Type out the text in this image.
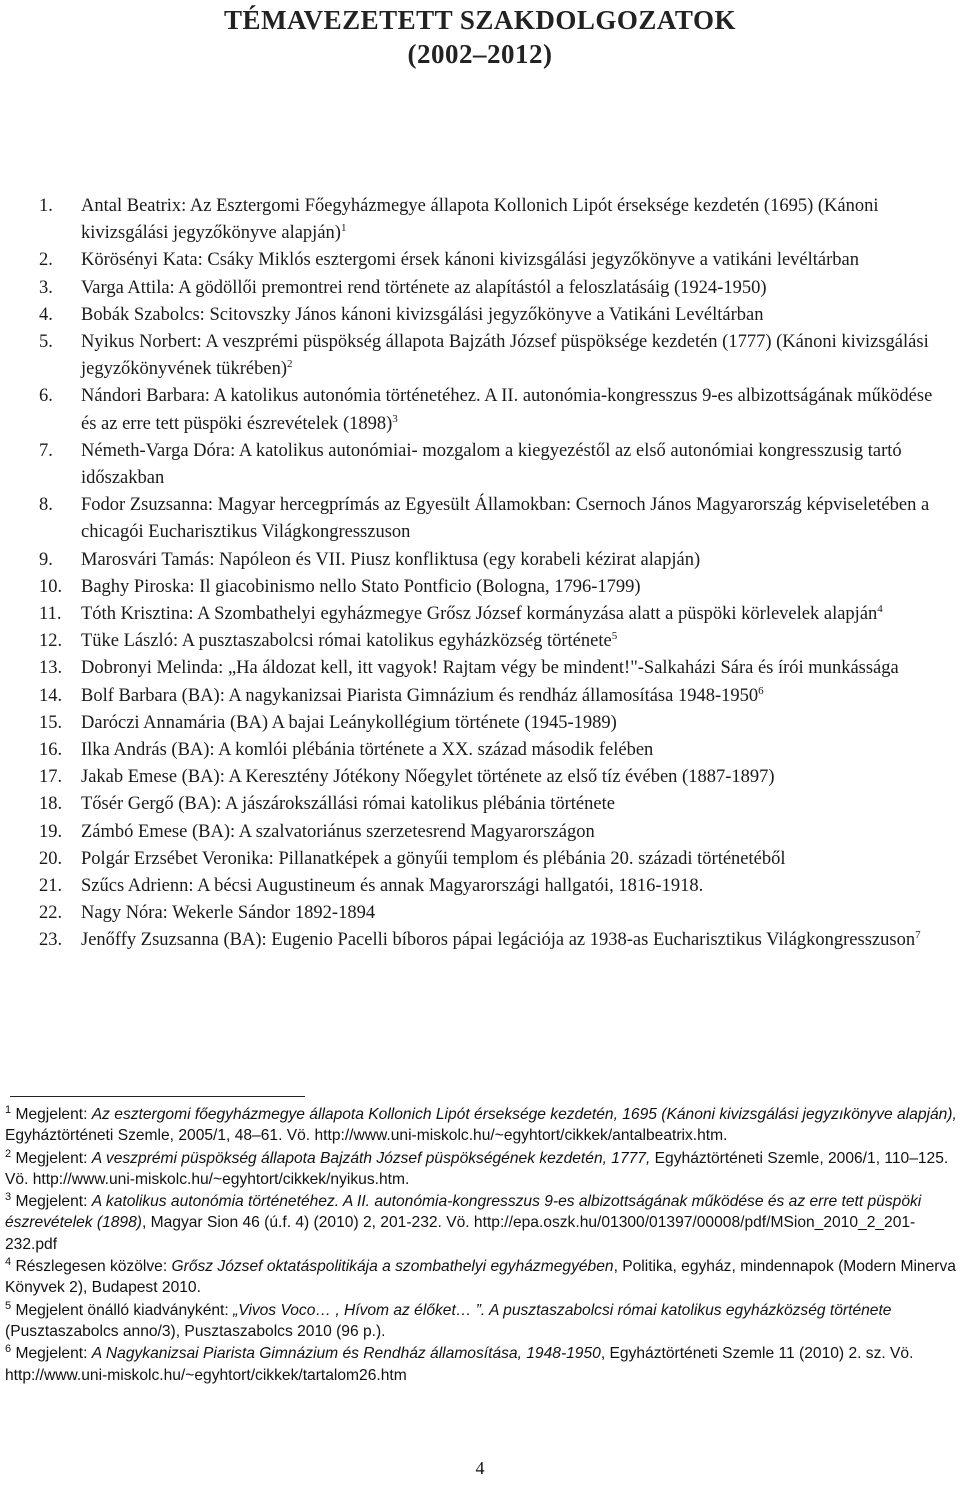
TÉMAVEZETETT SZAKDOLGOZATOK
(2002–2012)
1.	Antal Beatrix: Az Esztergomi Főegyházmegye állapota Kollonich Lipót érseksége kezdetén (1695) (Kánoni kivizsgálási jegyzőkönyve alapján)$^1$
2.	Körösényi Kata: Csáky Miklós esztergomi érsek kánoni kivizsgálási jegyzőkönyve a vatikáni levéltárban
3.	Varga Attila: A gödöllői premontrei rend története az alapítástól a feloszlatásáig (1924-1950)
4.	Bobák Szabolcs: Scitovszky János kánoni kivizsgálási jegyzőkönyve a Vatikáni Levéltárban
5.	Nyikus Norbert: A veszprémi püspökség állapota Bajzáth József püspöksége kezdetén (1777) (Kánoni kivizsgálási jegyzőkönyvének tükrében)$^2$
6.	Nándori Barbara: A katolikus autonómia történetéhez. A II. autonómia-kongresszus 9-es albizottságának működése és az erre tett püspöki észrevételek $(1898)^3$
7.	Németh-Varga Dóra: A katolikus autonómiai- mozgalom a kiegyezéstől az első autonómiai kongresszusig tartó időszakban
8.	Fodor Zsuzsanna: Magyar hercegprímás az Egyesült Államokban: Csernoch János Magyarország képviseletében a chicagói Eucharisztikus Világkongresszuson
9.	Marosvári Tamás: Napóleon és VII. Piusz konfliktusa (egy korabeli kézirat alapján)
10.	Baghy Piroska: Il giacobinismo nello Stato Pontficio (Bologna, 1796-1799)
11.	Tóth Krisztina: A Szombathelyi egyházmegye Grősz József kormányzása alatt a püspöki körlevelek alapján$^4$
12.	Tüke László: A pusztaszabolcsi római katolikus egyházközség története$^5$
13.	Dobronyi Melinda: „Ha áldozat kell, itt vagyok! Rajtam végy be mindent!"-Salkaházi Sára és írói munkássága
14.	Bolf Barbara (BA): A nagykanizsai Piarista Gimnázium és rendház államosítása 1948-1950$^6$
15.	Daróczi Annamária (BA) A bajai Leánykollégium története (1945-1989)
16.	Ilka András (BA): A komlói plébánia története a XX. század második felében
17.	Jakab Emese (BA): A Keresztény Jótékony Nőegylet története az első tíz évében (1887-1897)
18.	Tősér Gergő (BA): A jászárokszállási római katolikus plébánia története
19.	Zámbó Emese (BA): A szalvatoriánus szerzetesrend Magyarországon
20.	Polgár Erzsébet Veronika: Pillanatképek a gönyűi templom és plébánia 20. századi történetéből
21.	Szűcs Adrienn: A bécsi Augustineum és annak Magyarországi hallgatói, 1816-1918.
22.	Nagy Nóra: Wekerle Sándor 1892-1894
23.	Jenőffy Zsuzsanna (BA): Eugenio Pacelli bíboros pápai legációja az 1938-as Eucharisztikus Világkongresszuson$^7$

$^1$ Megjelent: Az esztergomi főegyházmegye állapota Kollonich Lipót érseksége kezdetén, 1695 (Kánoni kivizsgálási jegyzıkönyve alapján), Egyháztörténeti Szemle, 2005/1, 48–61. Vö. http://www.uni-miskolc.hu/~egyhtort/cikkek/antalbeatrix.htm.

$^2$ Megjelent: A veszprémi püspökség állapota Bajzáth József püspökségének kezdetén, 1777, Egyháztörténeti Szemle, 2006/1, 110–125. Vö. http://www.uni-miskolc.hu/~egyhtort/cikkek/nyikus.htm.

$^3$ Megjelent: A katolikus autonómia történetéhez. A II. autonómia-kongresszus 9-es albizottságának működése és az erre tett püspöki észrevételek (1898), Magyar Sion 46 (ú.f. 4) (2010) 2, 201-232. Vö. http://epa.oszk.hu/01300/01397/00008/pdf/MSion_2010_2_201-232.pdf

$^4$ Részlegesen közölve: Grősz József oktatáspolitikája a szombathelyi egyházmegyében, Politika, egyház, mindennapok (Modern Minerva Könyvek 2), Budapest 2010.

$^5$ Megjelent önálló kiadványként: „Vivos Voco… , Hívom az élőket… ”. A pusztaszabolcsi római katolikus egyházközség története (Pusztaszabolcs anno/3), Pusztaszabolcs 2010 (96 p.).

$^6$ Megjelent: A Nagykanizsai Piarista Gimnázium és Rendház államosítása, 1948-1950, Egyháztörténeti Szemle 11 (2010) 2. sz. Vö. http://www.uni-miskolc.hu/~egyhtort/cikkek/tartalom26.htm

4
